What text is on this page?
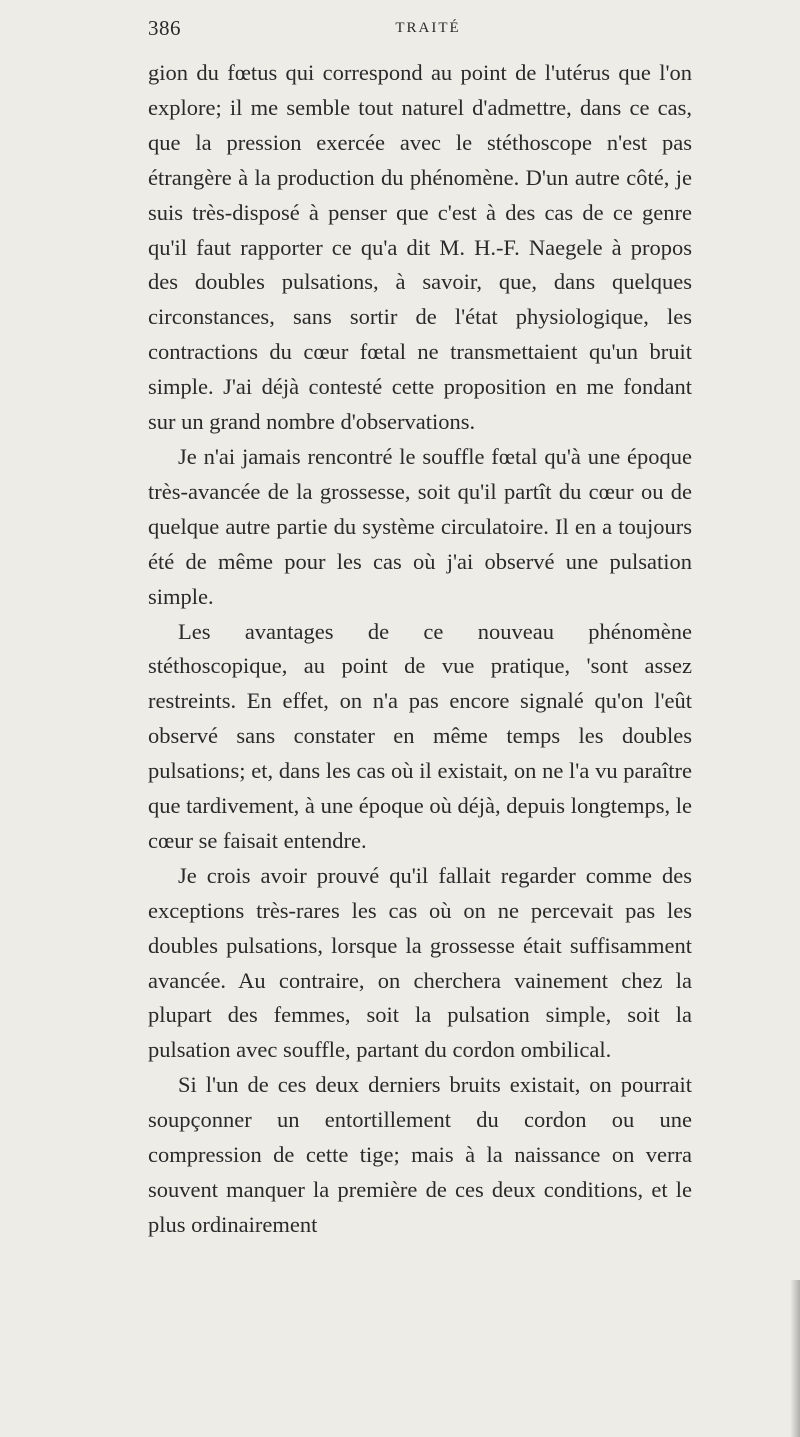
386	TRAITÉ

gion du fœtus qui correspond au point de l'utérus que l'on explore; il me semble tout naturel d'admettre, dans ce cas, que la pression exercée avec le stéthoscope n'est pas étrangère à la production du phénomène. D'un autre côté, je suis très-disposé à penser que c'est à des cas de ce genre qu'il faut rapporter ce qu'a dit M. H.-F. Naegele à propos des doubles pulsations, à savoir, que, dans quelques circonstances, sans sortir de l'état physiologique, les contractions du cœur fœtal ne transmettaient qu'un bruit simple. J'ai déjà contesté cette proposition en me fondant sur un grand nombre d'observations.

Je n'ai jamais rencontré le souffle fœtal qu'à une époque très-avancée de la grossesse, soit qu'il partît du cœur ou de quelque autre partie du système circulatoire. Il en a toujours été de même pour les cas où j'ai observé une pulsation simple.

Les avantages de ce nouveau phénomène stéthoscopique, au point de vue pratique, 'sont assez restreints. En effet, on n'a pas encore signalé qu'on l'eût observé sans constater en même temps les doubles pulsations; et, dans les cas où il existait, on ne l'a vu paraître que tardivement, à une époque où déjà, depuis longtemps, le cœur se faisait entendre.

Je crois avoir prouvé qu'il fallait regarder comme des exceptions très-rares les cas où on ne percevait pas les doubles pulsations, lorsque la grossesse était suffisamment avancée. Au contraire, on cherchera vainement chez la plupart des femmes, soit la pulsation simple, soit la pulsation avec souffle, partant du cordon ombilical.

Si l'un de ces deux derniers bruits existait, on pourrait soupçonner un entortillement du cordon ou une compression de cette tige; mais à la naissance on verra souvent manquer la première de ces deux conditions, et le plus ordinairement
